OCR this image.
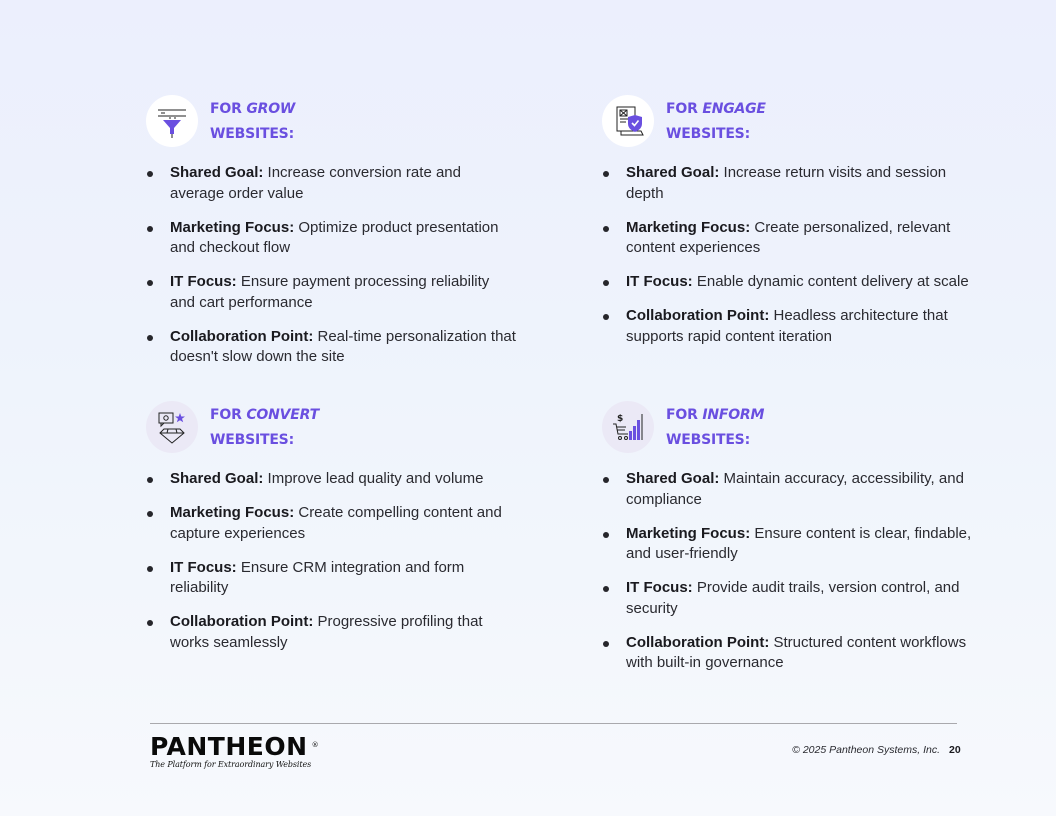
FOR GROW
WEBSITES:
Shared Goal: Increase conversion rate and average order value
Marketing Focus: Optimize product presentation and checkout flow
IT Focus: Ensure payment processing reliability and cart performance
Collaboration Point: Real-time personalization that doesn't slow down the site
FOR ENGAGE
WEBSITES:
Shared Goal: Increase return visits and session depth
Marketing Focus: Create personalized, relevant content experiences
IT Focus: Enable dynamic content delivery at scale
Collaboration Point: Headless architecture that supports rapid content iteration
FOR CONVERT
WEBSITES:
Shared Goal: Improve lead quality and volume
Marketing Focus: Create compelling content and capture experiences
IT Focus: Ensure CRM integration and form reliability
Collaboration Point: Progressive profiling that works seamlessly
$	FOR INFORM
WEBSITES:
Shared Goal: Maintain accuracy, accessibility, and compliance
Marketing Focus: Ensure content is clear, findable, and user-friendly
IT Focus: Provide audit trails, version control, and security
Collaboration Point: Structured content workflows with built-in governance
PANTHEON ®
The Platform for Extraordinary Websites
© 2025 Pantheon Systems, Inc. 20
